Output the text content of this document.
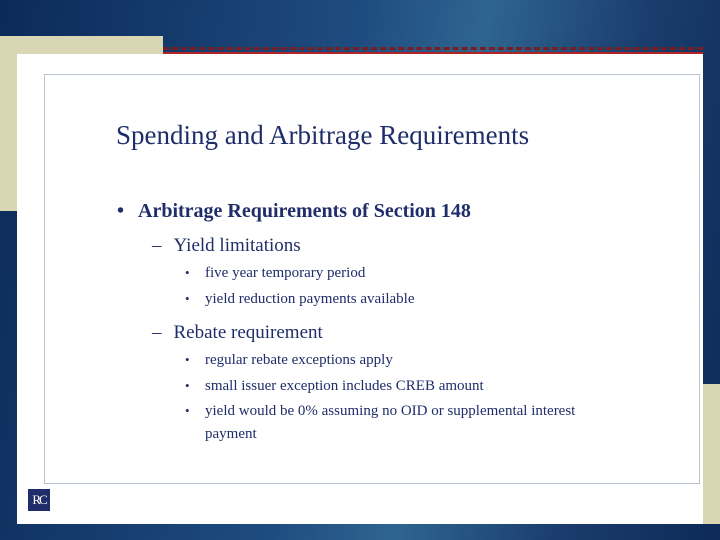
Spending and Arbitrage Requirements
• Arbitrage Requirements of Section 148
– Yield limitations
• five year temporary period
• yield reduction payments available
– Rebate requirement
• regular rebate exceptions apply
• small issuer exception includes CREB amount
• yield would be 0% assuming no OID or supplemental interest
payment
RC
